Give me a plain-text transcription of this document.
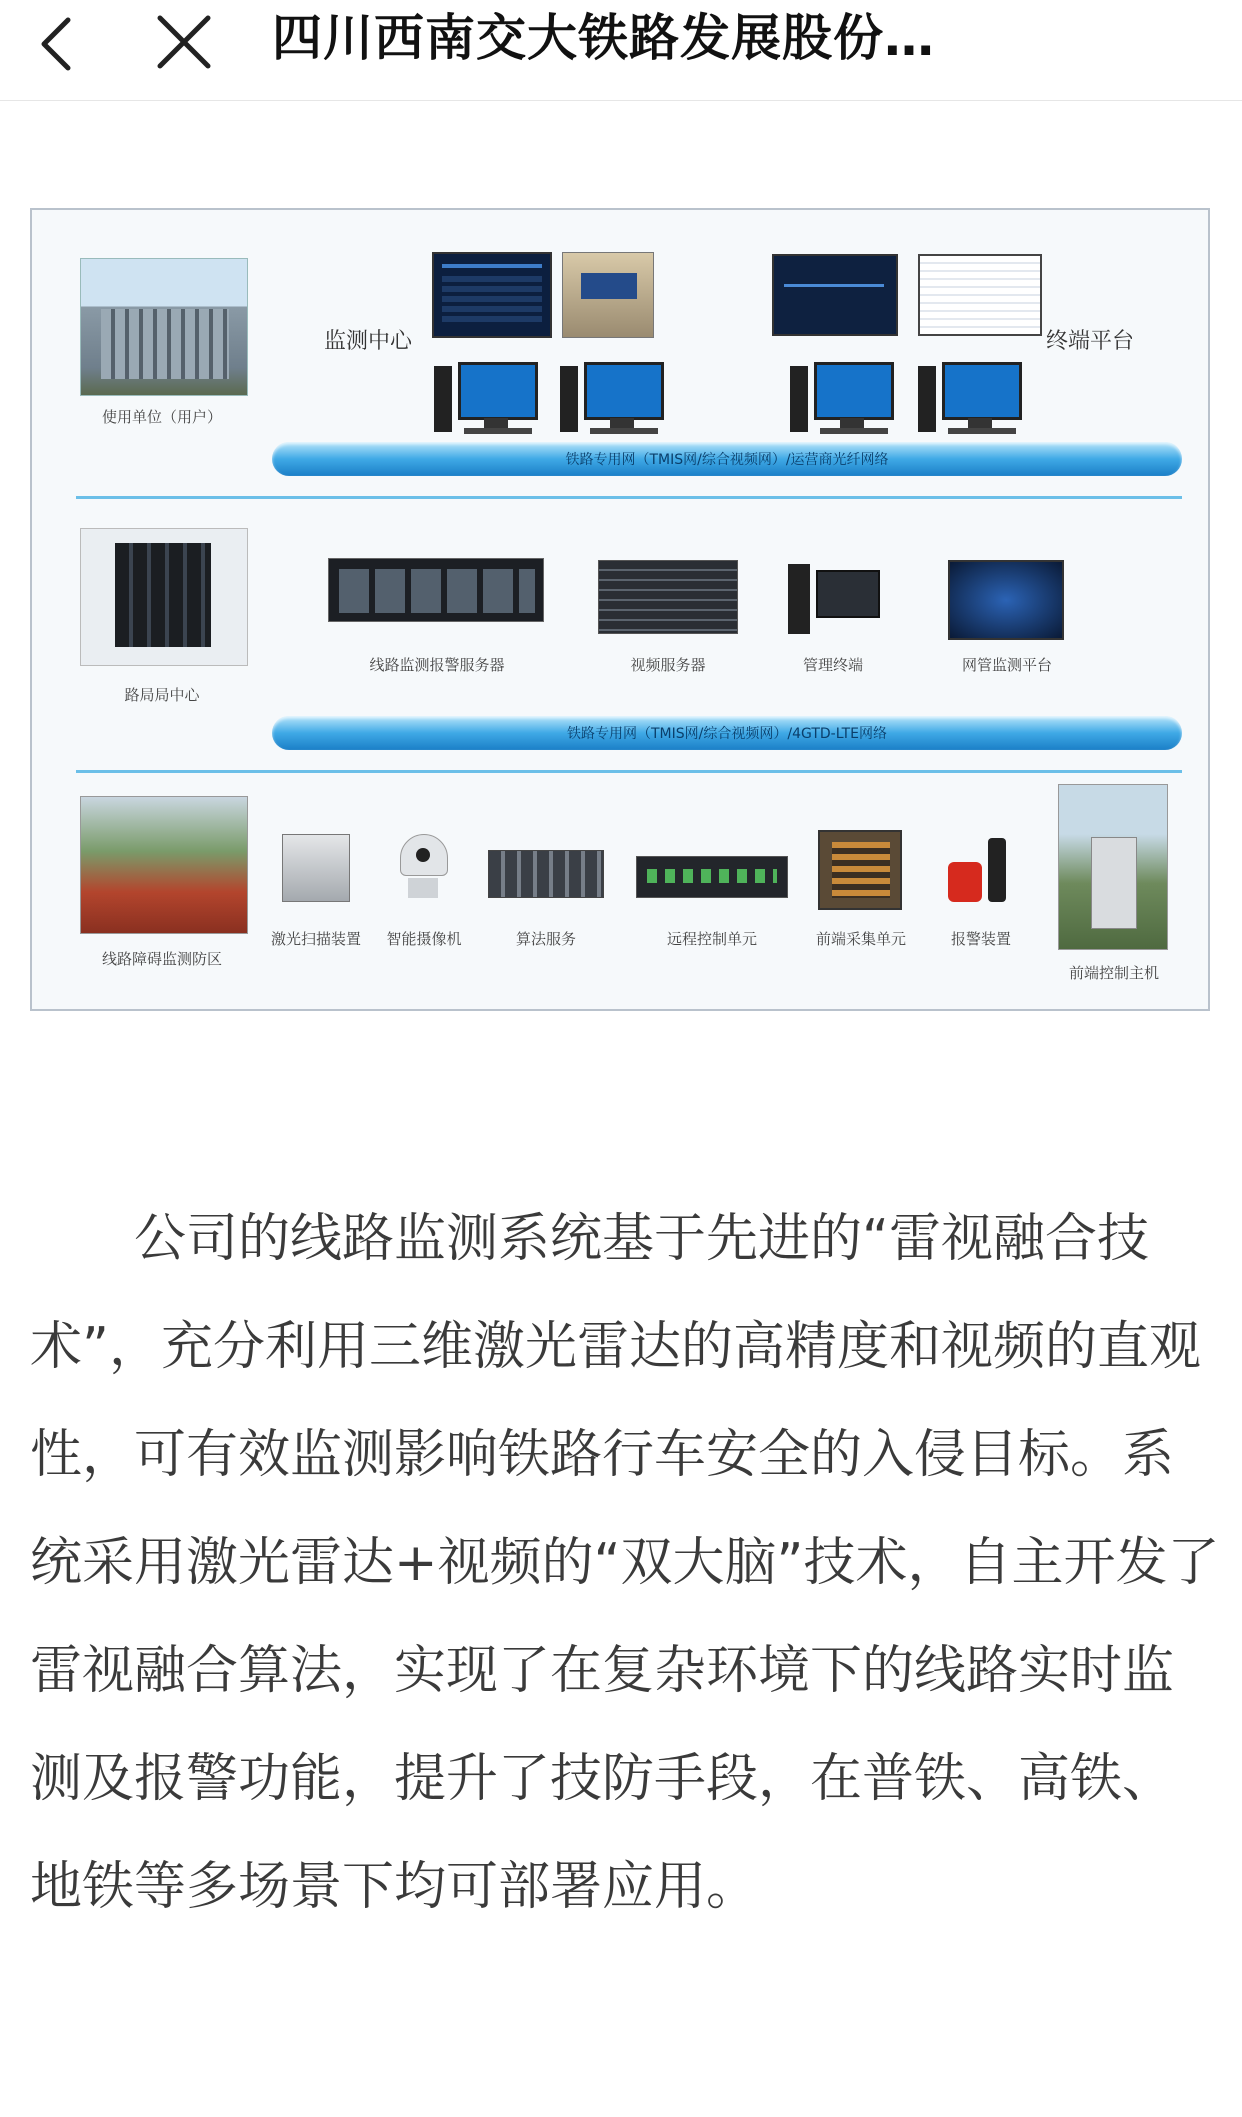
四川西南交大铁路发展股份…
使用单位（用户）
监测中心	终端平台
铁路专用网（TMIS网/综合视频网）/运营商光纤网络
路局局中心
线路监测报警服务器	视频服务器	管理终端	网管监测平台
铁路专用网（TMIS网/综合视频网）/4GTD-LTE网络
线路障碍监测防区
激光扫描装置	智能摄像机	算法服务	远程控制单元	前端采集单元	报警装置
前端控制主机

公司的线路监测系统基于先进的“雷视融合技术”，充分利用三维激光雷达的高精度和视频的直观性，可有效监测影响铁路行车安全的入侵目标。系统采用激光雷达+视频的“双大脑”技术，自主开发了雷视融合算法，实现了在复杂环境下的线路实时监测及报警功能，提升了技防手段，在普铁、高铁、地铁等多场景下均可部署应用。
